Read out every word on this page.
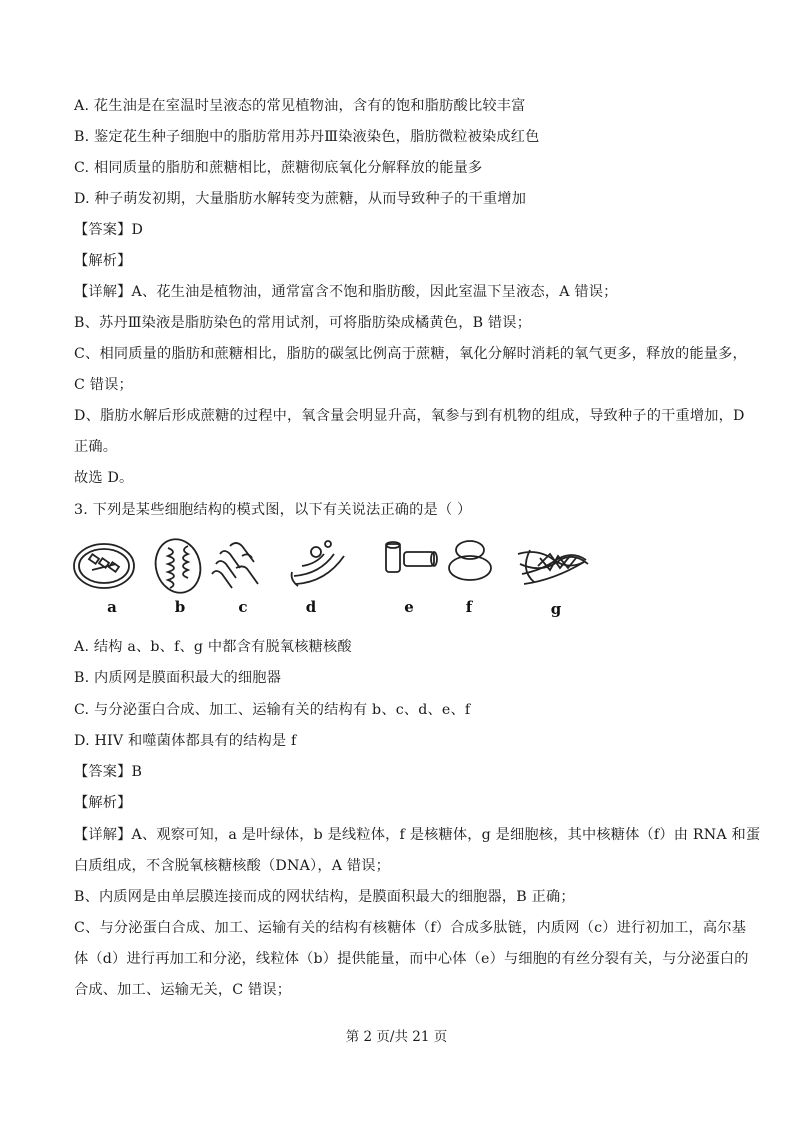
A. 花生油是在室温时呈液态的常见植物油，含有的饱和脂肪酸比较丰富
B. 鉴定花生种子细胞中的脂肪常用苏丹Ⅲ染液染色，脂肪微粒被染成红色
C. 相同质量的脂肪和蔗糖相比，蔗糖彻底氧化分解释放的能量多
D. 种子萌发初期，大量脂肪水解转变为蔗糖，从而导致种子的干重增加
【答案】D
【解析】
【详解】A、花生油是植物油，通常富含不饱和脂肪酸，因此室温下呈液态，A 错误；
B、苏丹Ⅲ染液是脂肪染色的常用试剂，可将脂肪染成橘黄色，B 错误；
C、相同质量的脂肪和蔗糖相比，脂肪的碳氢比例高于蔗糖，氧化分解时消耗的氧气更多，释放的能量多，
C 错误；
D、脂肪水解后形成蔗糖的过程中，氧含量会明显升高，氧参与到有机物的组成，导致种子的干重增加，D
正确。
故选 D。
3. 下列是某些细胞结构的模式图，以下有关说法正确的是（ ）
a	b	c	d	e	f	g
A. 结构 a、b、f、g 中都含有脱氧核糖核酸
B. 内质网是膜面积最大的细胞器
C. 与分泌蛋白合成、加工、运输有关的结构有 b、c、d、e、f
D. HIV 和噬菌体都具有的结构是 f
【答案】B
【解析】
【详解】A、观察可知，a 是叶绿体，b 是线粒体，f 是核糖体，g 是细胞核，其中核糖体（f）由 RNA 和蛋
白质组成，不含脱氧核糖核酸（DNA），A 错误；
B、内质网是由单层膜连接而成的网状结构，是膜面积最大的细胞器，B 正确；
C、与分泌蛋白合成、加工、运输有关的结构有核糖体（f）合成多肽链，内质网（c）进行初加工，高尔基
体（d）进行再加工和分泌，线粒体（b）提供能量，而中心体（e）与细胞的有丝分裂有关，与分泌蛋白的
合成、加工、运输无关，C 错误；
第 2 页/共 21 页
